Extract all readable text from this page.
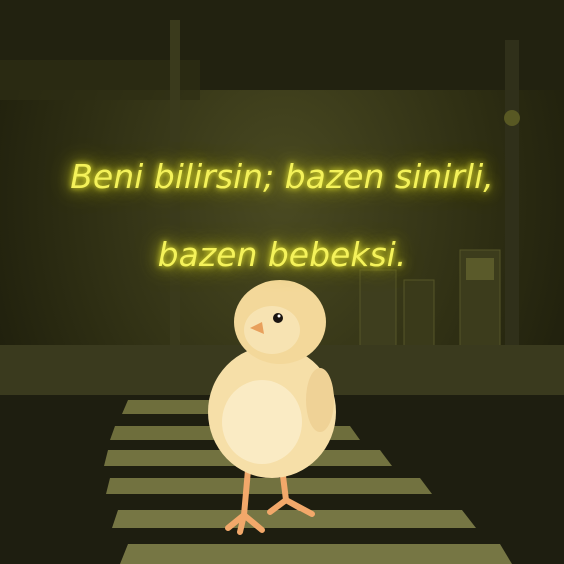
Beni bilirsin; bazen sinirli,
bazen bebeksi.
